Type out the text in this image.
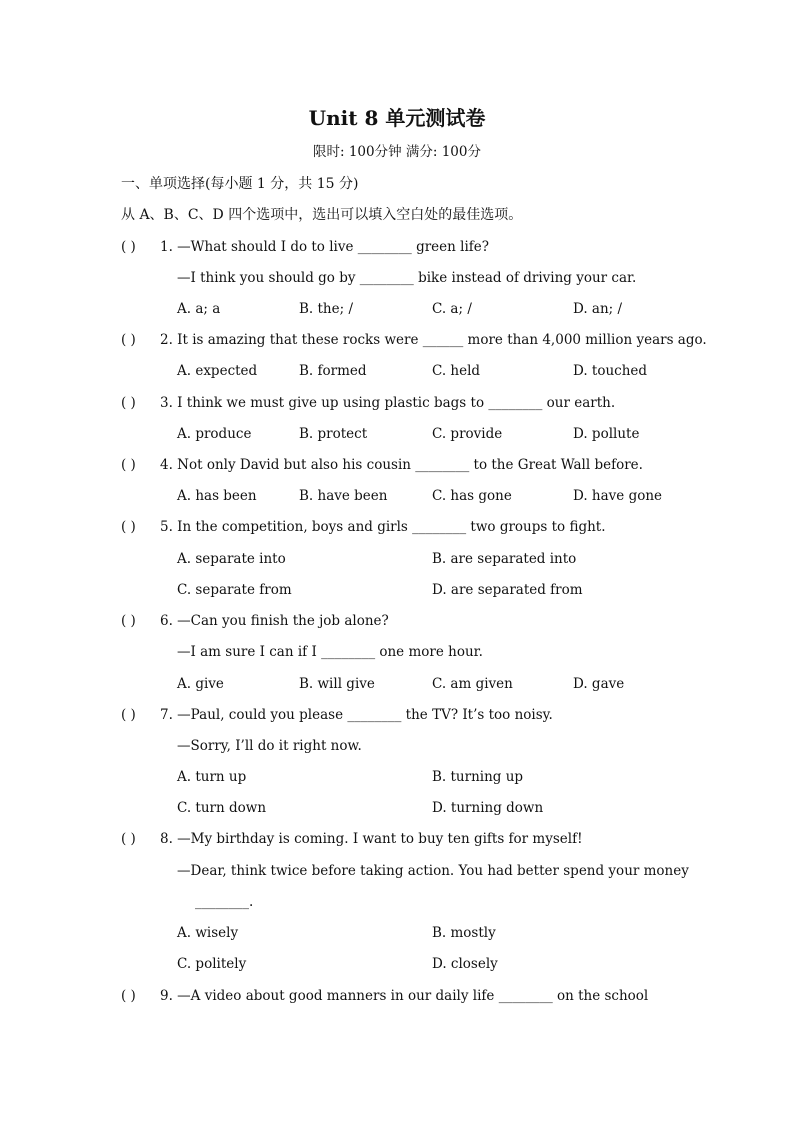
Unit 8 单元测试卷
限时: 100分钟 满分: 100分
一、单项选择(每小题 1 分，共 15 分)
从 A、B、C、D 四个选项中，选出可以填入空白处的最佳选项。
( ) 1. —What should I do to live ________ green life?
—I think you should go by ________ bike instead of driving your car.
A. a; a	B. the; /	C. a; /	D. an; /
( ) 2. It is amazing that these rocks were ______ more than 4,000 million years ago.
A. expected	B. formed	C. held	D. touched
( ) 3. I think we must give up using plastic bags to ________ our earth.
A. produce	B. protect	C. provide	D. pollute
( ) 4. Not only David but also his cousin ________ to the Great Wall before.
A. has been	B. have been	C. has gone	D. have gone
( ) 5. In the competition, boys and girls ________ two groups to fight.
A. separate into	B. are separated into
C. separate from	D. are separated from
( ) 6. —Can you finish the job alone?
—I am sure I can if I ________ one more hour.
A. give	B. will give	C. am given	D. gave
( ) 7. —Paul, could you please ________ the TV? It’s too noisy.
—Sorry, I’ll do it right now.
A. turn up	B. turning up
C. turn down	D. turning down
( ) 8. —My birthday is coming. I want to buy ten gifts for myself!
—Dear, think twice before taking action. You had better spend your money
________.
A. wisely	B. mostly
C. politely	D. closely
( ) 9. —A video about good manners in our daily life ________ on the school
